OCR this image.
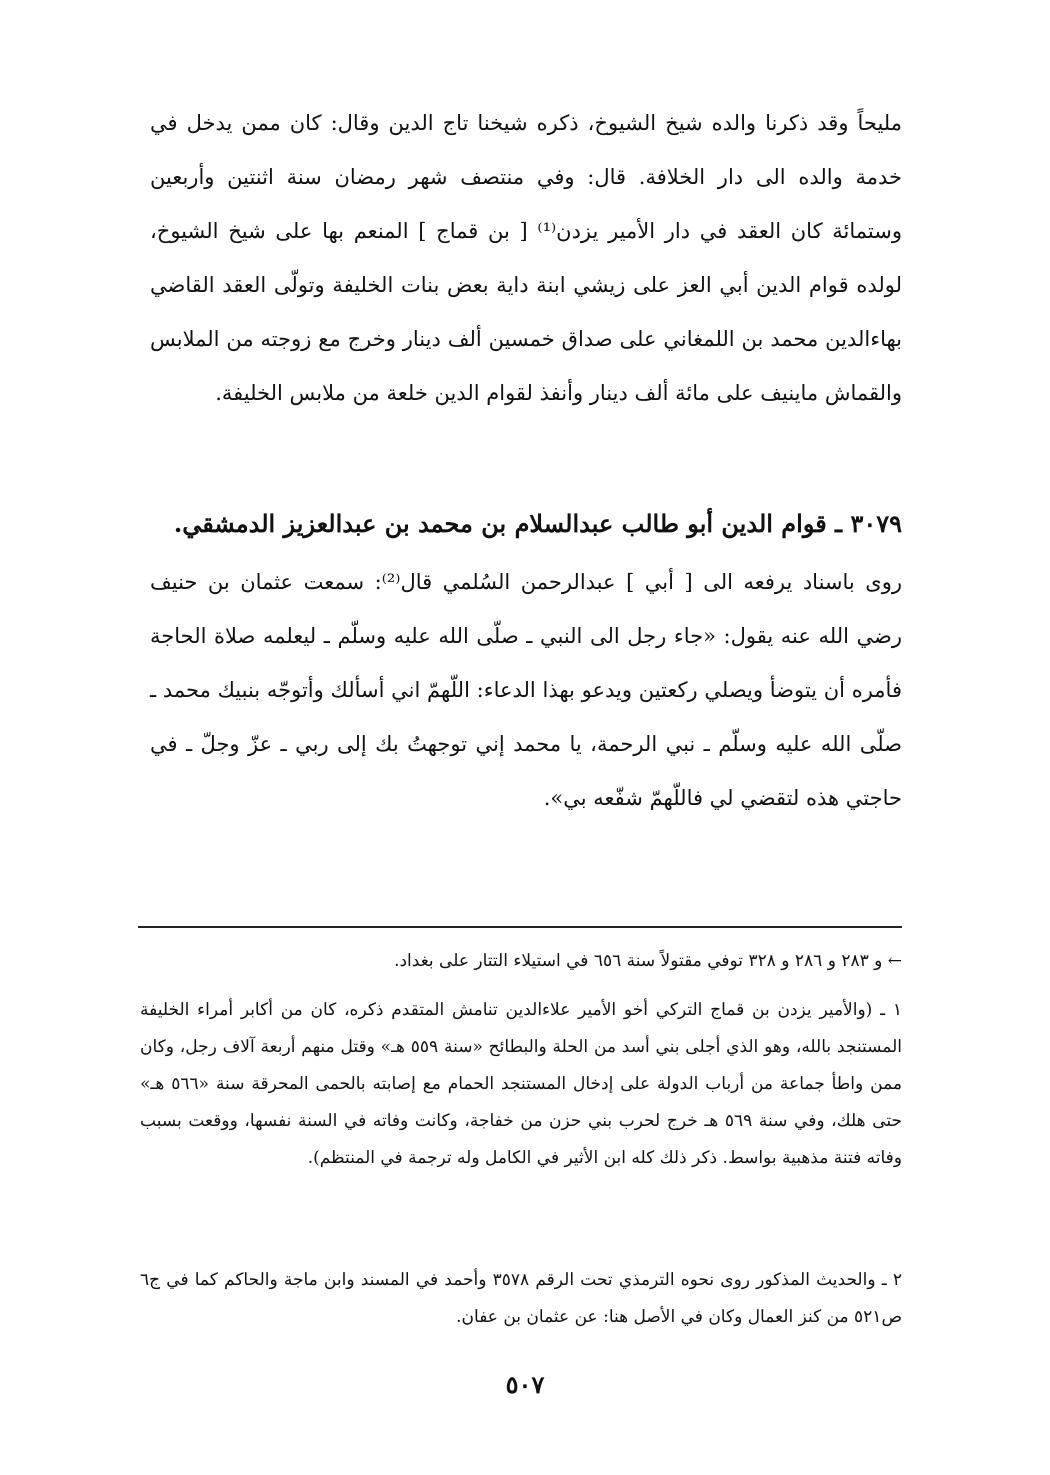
مليحاً وقد ذكرنا والده شيخ الشيوخ، ذكره شيخنا تاج الدين وقال: كان ممن يدخل في خدمة والده الى دار الخلافة. قال: وفي منتصف شهر رمضان سنة اثنتين وأربعين وستمائة كان العقد في دار الأمير يزدن⁽¹⁾ [ بن قماج ] المنعم بها على شيخ الشيوخ، لولده قوام الدين أبي العز على زيشي ابنة داية بعض بنات الخليفة وتولّى العقد القاضي بهاءالدين محمد بن اللمغاني على صداق خمسين ألف دينار وخرج مع زوجته من الملابس والقماش ماينيف على مائة ألف دينار وأنفذ لقوام الدين خلعة من ملابس الخليفة.

٣٠٧٩ ـ قوام الدين أبو طالب عبدالسلام بن محمد بن عبدالعزيز الدمشقي.

روى باسناد يرفعه الى [ أبي ] عبدالرحمن السُلمي قال⁽²⁾: سمعت عثمان بن حنيف رضي الله عنه يقول: «جاء رجل الى النبي ـ صلّى الله عليه وسلّم ـ ليعلمه صلاة الحاجة فأمره أن يتوضأ ويصلي ركعتين ويدعو بهذا الدعاء: اللّهمّ اني أسألك وأتوجّه بنبيك محمد ـ صلّى الله عليه وسلّم ـ نبي الرحمة، يا محمد إني توجهتُ بك إلى ربي ـ عزّ وجلّ ـ في حاجتي هذه لتقضي لي فاللّهمّ شفّعه بي».

← و ٢٨٣ و ٢٨٦ و ٣٢٨ توفي مقتولاً سنة ٦٥٦ في استيلاء التتار على بغداد.

١ ـ (والأمير يزدن بن قماج التركي أخو الأمير علاءالدين تنامش المتقدم ذكره، كان من أكابر أمراء الخليفة المستنجد بالله، وهو الذي أجلى بني أسد من الحلة والبطائح «سنة ٥٥٩ هـ» وقتل منهم أربعة آلاف رجل، وكان ممن واطأ جماعة من أرباب الدولة على إدخال المستنجد الحمام مع إصابته بالحمى المحرقة سنة «٥٦٦ هـ» حتى هلك، وفي سنة ٥٦٩ هـ خرج لحرب بني حزن من خفاجة، وكانت وفاته في السنة نفسها، ووقعت بسبب وفاته فتنة مذهبية بواسط. ذكر ذلك كله ابن الأثير في الكامل وله ترجمة في المنتظم).

٢ ـ والحديث المذكور روى نحوه الترمذي تحت الرقم ٣٥٧٨ وأحمد في المسند وابن ماجة والحاكم كما في ج٦ ص٥٢١ من كنز العمال وكان في الأصل هنا: عن عثمان بن عفان.

٥٠٧
